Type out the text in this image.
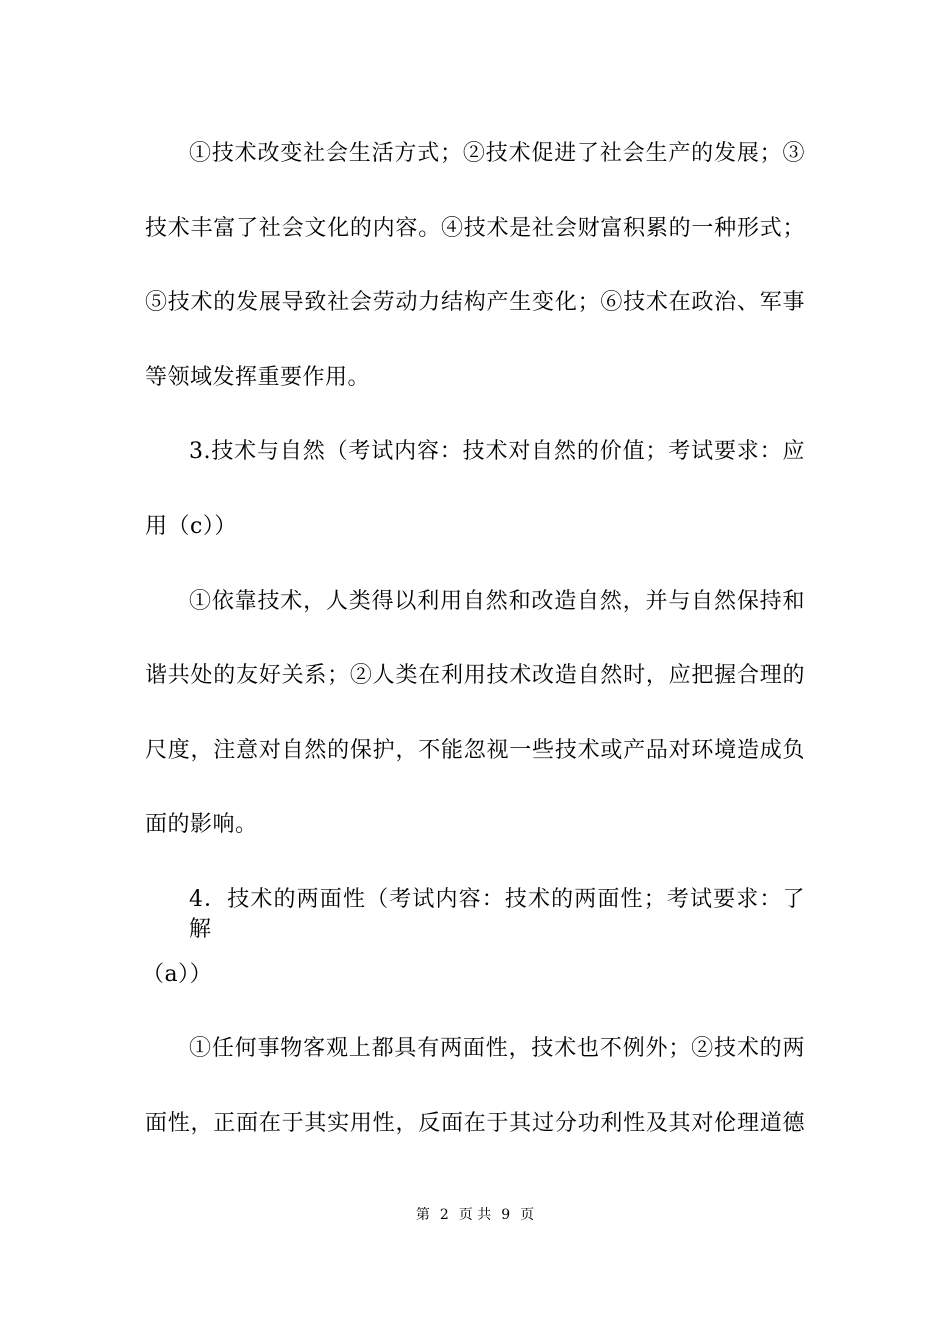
①技术改变社会生活方式；②技术促进了社会生产的发展；③
技术丰富了社会文化的内容。④技术是社会财富积累的一种形式；
⑤技术的发展导致社会劳动力结构产生变化；⑥技术在政治、军事
等领域发挥重要作用。
3.技术与自然（考试内容：技术对自然的价值；考试要求：应
用（c））
①依靠技术，人类得以利用自然和改造自然，并与自然保持和
谐共处的友好关系；②人类在利用技术改造自然时，应把握合理的
尺度，注意对自然的保护，不能忽视一些技术或产品对环境造成负
面的影响。
4．技术的两面性（考试内容：技术的两面性；考试要求：了解
（a））
①任何事物客观上都具有两面性，技术也不例外；②技术的两
面性，正面在于其实用性，反面在于其过分功利性及其对伦理道德
第 2 页 共 9 页
